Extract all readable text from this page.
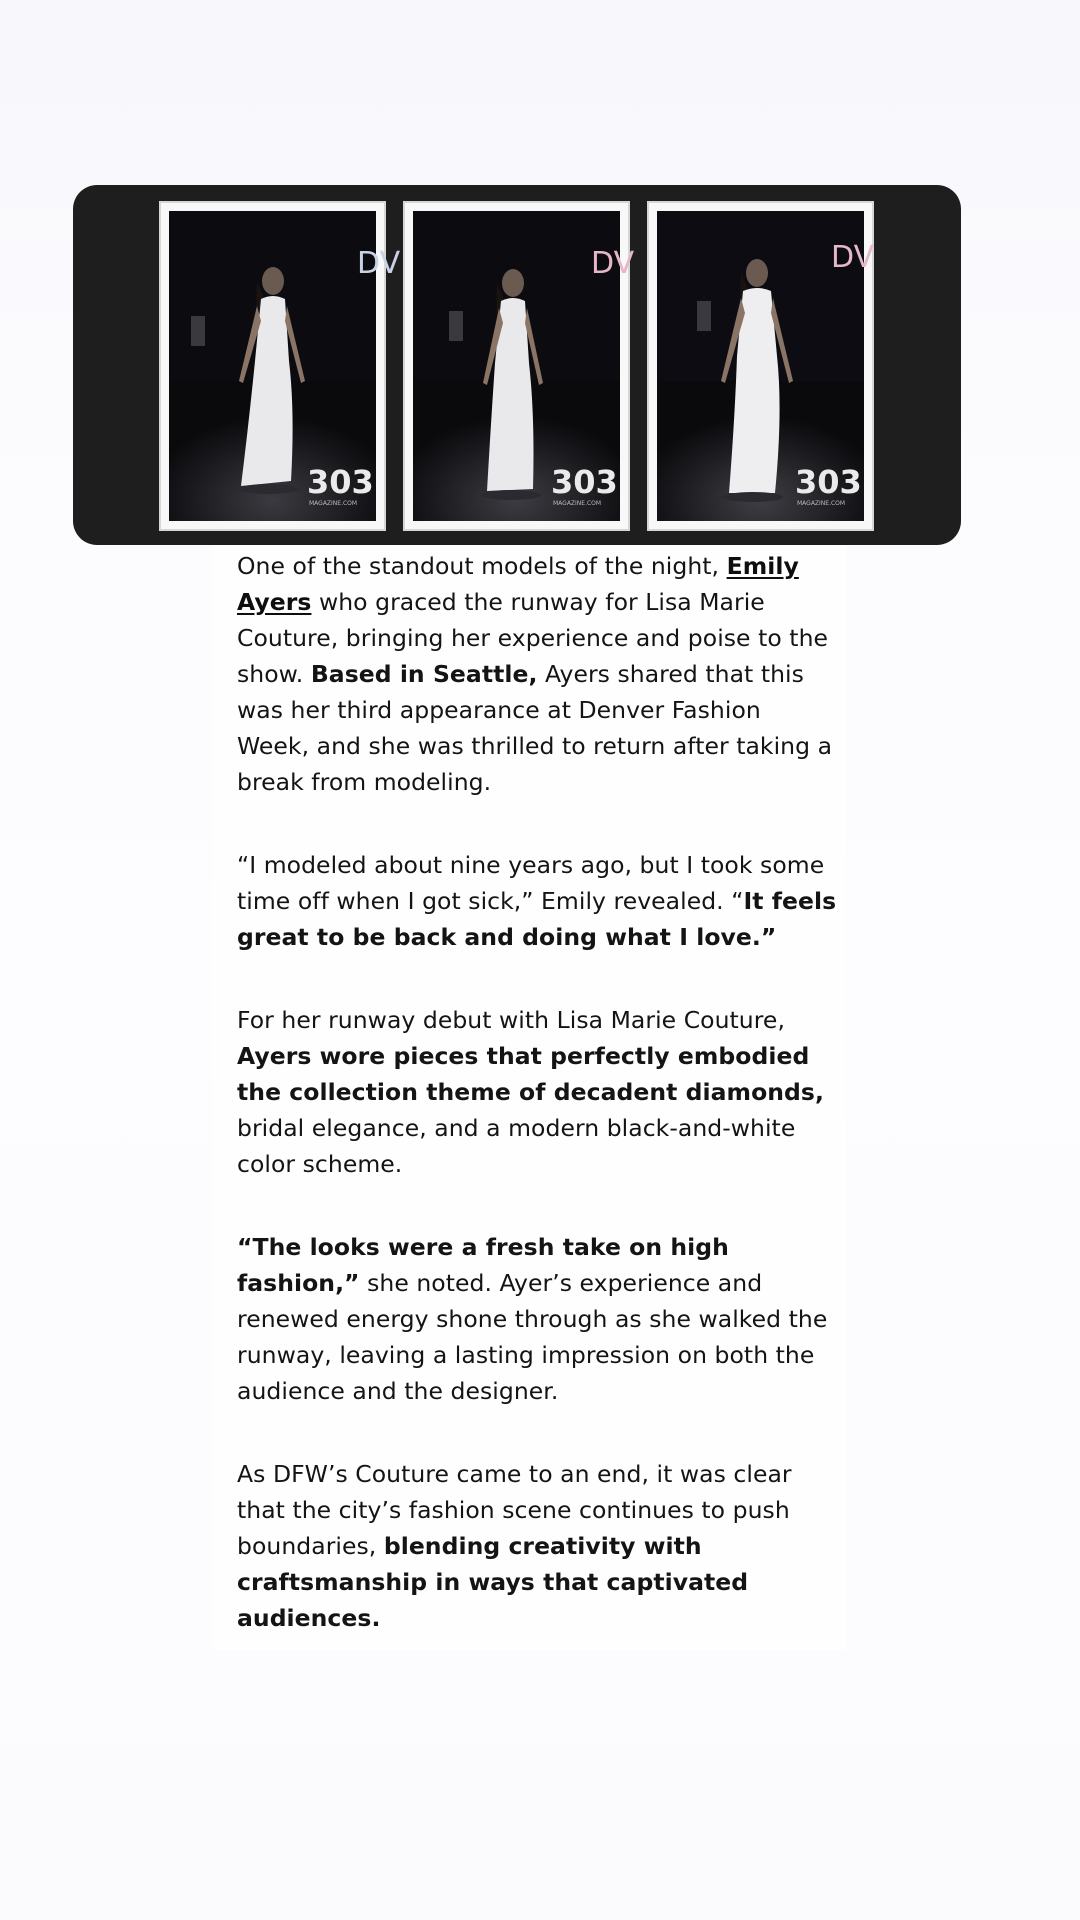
DV
303
MAGAZINE.COM
DV
303
MAGAZINE.COM
DV
303
MAGAZINE.COM

One of the standout models of the night, Emily Ayers who graced the runway for Lisa Marie Couture, bringing her experience and poise to the show. Based in Seattle, Ayers shared that this was her third appearance at Denver Fashion Week, and she was thrilled to return after taking a break from modeling.

“I modeled about nine years ago, but I took some time off when I got sick,” Emily revealed. “It feels great to be back and doing what I love.”

For her runway debut with Lisa Marie Couture, Ayers wore pieces that perfectly embodied the collection theme of decadent diamonds, bridal elegance, and a modern black-and-white color scheme.

“The looks were a fresh take on high fashion,” she noted. Ayer’s experience and renewed energy shone through as she walked the runway, leaving a lasting impression on both the audience and the designer.

As DFW’s Couture came to an end, it was clear that the city’s fashion scene continues to push boundaries, blending creativity with craftsmanship in ways that captivated audiences.
